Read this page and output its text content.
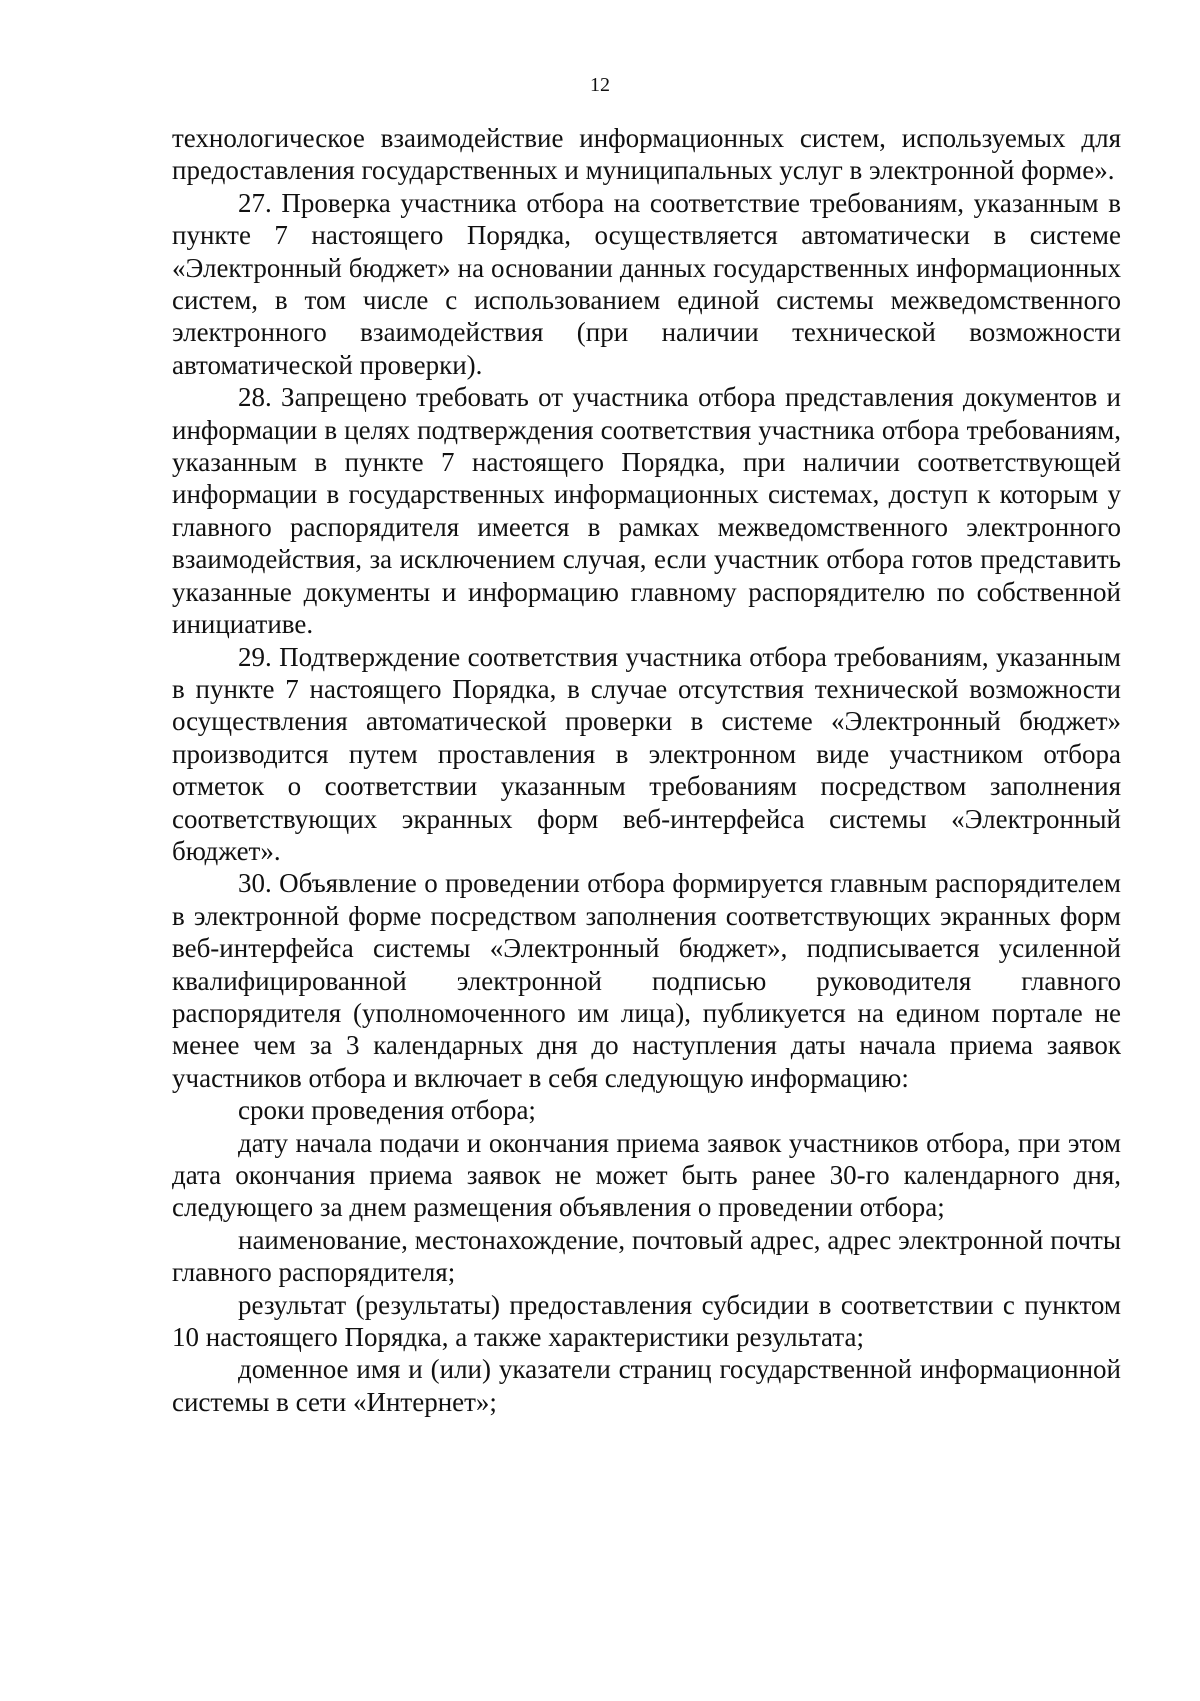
12

технологическое взаимодействие информационных систем, используемых для предоставления государственных и муниципальных услуг в электронной форме».

27. Проверка участника отбора на соответствие требованиям, указанным в пункте 7 настоящего Порядка, осуществляется автоматически в системе «Электронный бюджет» на основании данных государственных информационных систем, в том числе с использованием единой системы межведомственного электронного взаимодействия (при наличии технической возможности автоматической проверки).

28. Запрещено требовать от участника отбора представления документов и информации в целях подтверждения соответствия участника отбора требованиям, указанным в пункте 7 настоящего Порядка, при наличии соответствующей информации в государственных информационных системах, доступ к которым у главного распорядителя имеется в рамках межведомственного электронного взаимодействия, за исключением случая, если участник отбора готов представить указанные документы и информацию главному распорядителю по собственной инициативе.

29. Подтверждение соответствия участника отбора требованиям, указанным в пункте 7 настоящего Порядка, в случае отсутствия технической возможности осуществления автоматической проверки в системе «Электронный бюджет» производится путем проставления в электронном виде участником отбора отметок о соответствии указанным требованиям посредством заполнения соответствующих экранных форм веб-интерфейса системы «Электронный бюджет».

30. Объявление о проведении отбора формируется главным распорядителем в электронной форме посредством заполнения соответствующих экранных форм веб-интерфейса системы «Электронный бюджет», подписывается усиленной квалифицированной электронной подписью руководителя главного распорядителя (уполномоченного им лица), публикуется на едином портале не менее чем за 3 календарных дня до наступления даты начала приема заявок участников отбора и включает в себя следующую информацию:

сроки проведения отбора;

дату начала подачи и окончания приема заявок участников отбора, при этом дата окончания приема заявок не может быть ранее 30-го календарного дня, следующего за днем размещения объявления о проведении отбора;

наименование, местонахождение, почтовый адрес, адрес электронной почты главного распорядителя;

результат (результаты) предоставления субсидии в соответствии с пунктом 10 настоящего Порядка, а также характеристики результата;

доменное имя и (или) указатели страниц государственной информационной системы в сети «Интернет»;
